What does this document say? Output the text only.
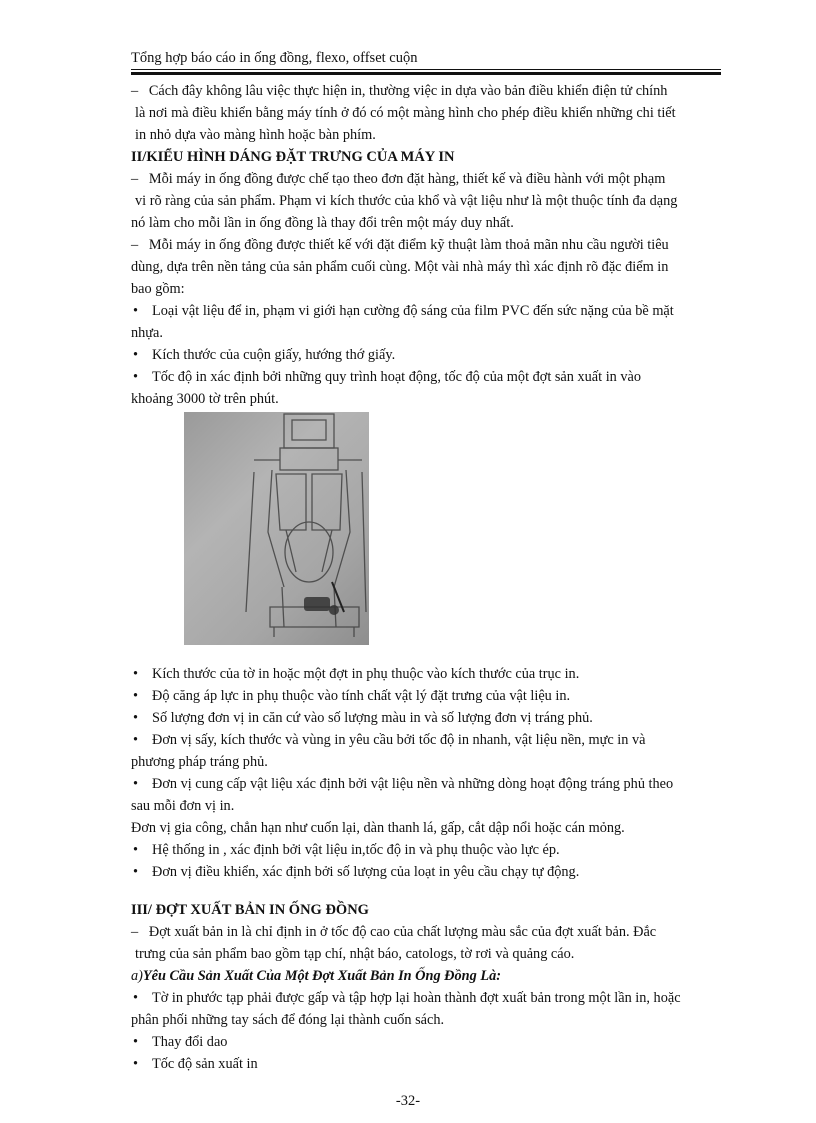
Tổng hợp báo cáo in ống đồng, flexo, offset cuộn

– Cách đây không lâu việc thực hiện in, thường việc in dựa vào bản điều khiển điện tử chính
là nơi mà điều khiển bằng máy tính ở đó có một màng hình cho phép điều khiển những chi tiết
in nhỏ dựa vào màng hình hoặc bàn phím.

II/KIỂU HÌNH DÁNG ĐẶT TRƯNG CỦA MÁY IN

– Mỗi máy in ống đồng được chế tạo theo đơn đặt hàng, thiết kế và điều hành với một phạm
vi rõ ràng của sản phẩm. Phạm vi kích thước của khổ và vật liệu như là một thuộc tính đa dạng
nó làm cho mỗi lần in ống đồng là thay đổi trên một máy duy nhất.

– Mỗi máy in ống đồng được thiết kế với đặt điểm kỹ thuật làm thoả mãn nhu cầu người tiêu
dùng, dựa trên nền tảng của sản phẩm cuối cùng. Một vài nhà máy thì xác định rõ đặc điểm in
bao gồm:

• Loại vật liệu để in, phạm vi giới hạn cường độ sáng của film PVC đến sức nặng của bề mặt

nhựa.

• Kích thước của cuộn giấy, hướng thớ giấy.
• Tốc độ in xác định bởi những quy trình hoạt động, tốc độ của một đợt sản xuất in vào

khoảng 3000 tờ trên phút.

• Kích thước của tờ in hoặc một đợt in phụ thuộc vào kích thước của trục in.
• Độ căng áp lực in phụ thuộc vào tính chất vật lý đặt trưng của vật liệu in.
• Số lượng đơn vị in căn cứ vào số lượng màu in và số lượng đơn vị tráng phủ.
• Đơn vị sấy, kích thước và vùng in yêu cầu bởi tốc độ in nhanh, vật liệu nền, mực in và

phương pháp tráng phủ.

• Đơn vị cung cấp vật liệu xác định bởi vật liệu nền và những dòng hoạt động tráng phủ theo

sau mỗi đơn vị in.

Đơn vị gia công, chẳn hạn như cuốn lại, dàn thanh lá, gấp, cắt dập nổi hoặc cán mỏng.

• Hệ thống in , xác định bởi vật liệu in,tốc độ in và phụ thuộc vào lực ép.
• Đơn vị điều khiển, xác định bởi số lượng của loạt in yêu cầu chạy tự động.

III/ ĐỢT XUẤT BẢN IN ỐNG ĐỒNG

– Đợt xuất bản in là chỉ định in ở tốc độ cao của chất lượng màu sắc của đợt xuất bản. Đắc
trưng của sản phẩm bao gồm tạp chí, nhật báo, catologs, tờ rơi và quảng cáo.

a)Yêu Cầu Sản Xuất Của Một Đợt Xuất Bản In Ống Đồng Là:

• Tờ in phước tạp phải được gấp và tập hợp lại hoàn thành đợt xuất bản trong một lần in, hoặc

phân phối những tay sách để đóng lại thành cuốn sách.

• Thay đổi dao
• Tốc độ sản xuất in
-32-
